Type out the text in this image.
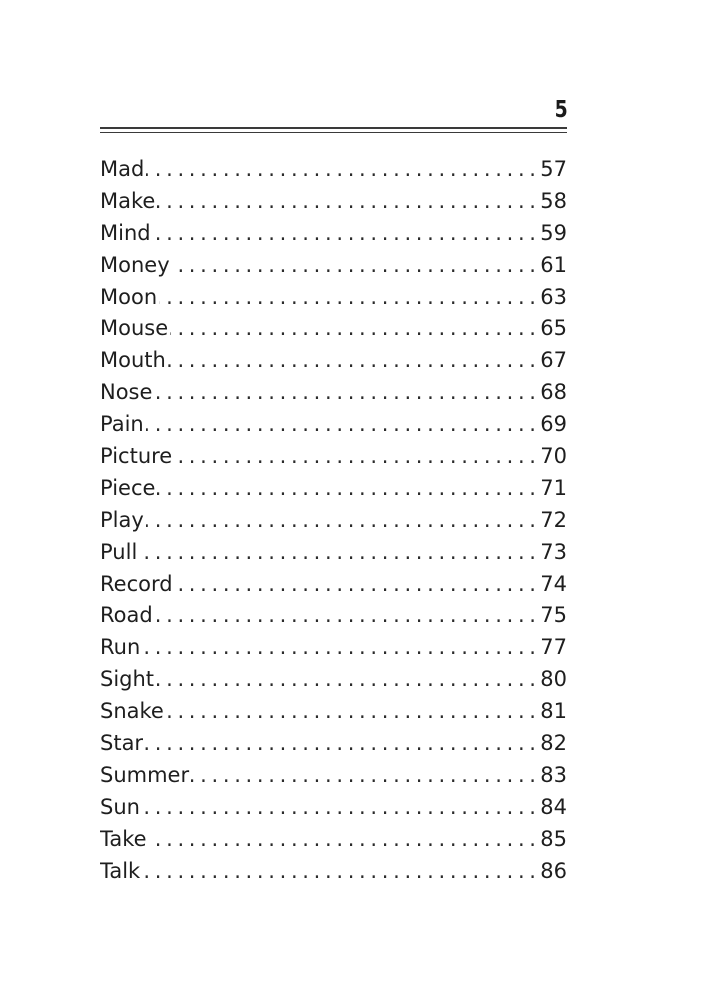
5
Mad . . .	57
Make . . .	58
Mind . . .	59
Money . . .	61
Moon . . .	63
Mouse . . .	65
Mouth . . .	67
Nose . . .	68
Pain . . .	69
Picture . . .	70
Piece . . .	71
Play . . .	72
Pull . . .	73
Record . . .	74
Road . . .	75
Run . . .	77
Sight . . .	80
Snake . . .	81
Star . . .	82
Summer . . .	83
Sun . . .	84
Take . . .	85
Talk . . .	86
